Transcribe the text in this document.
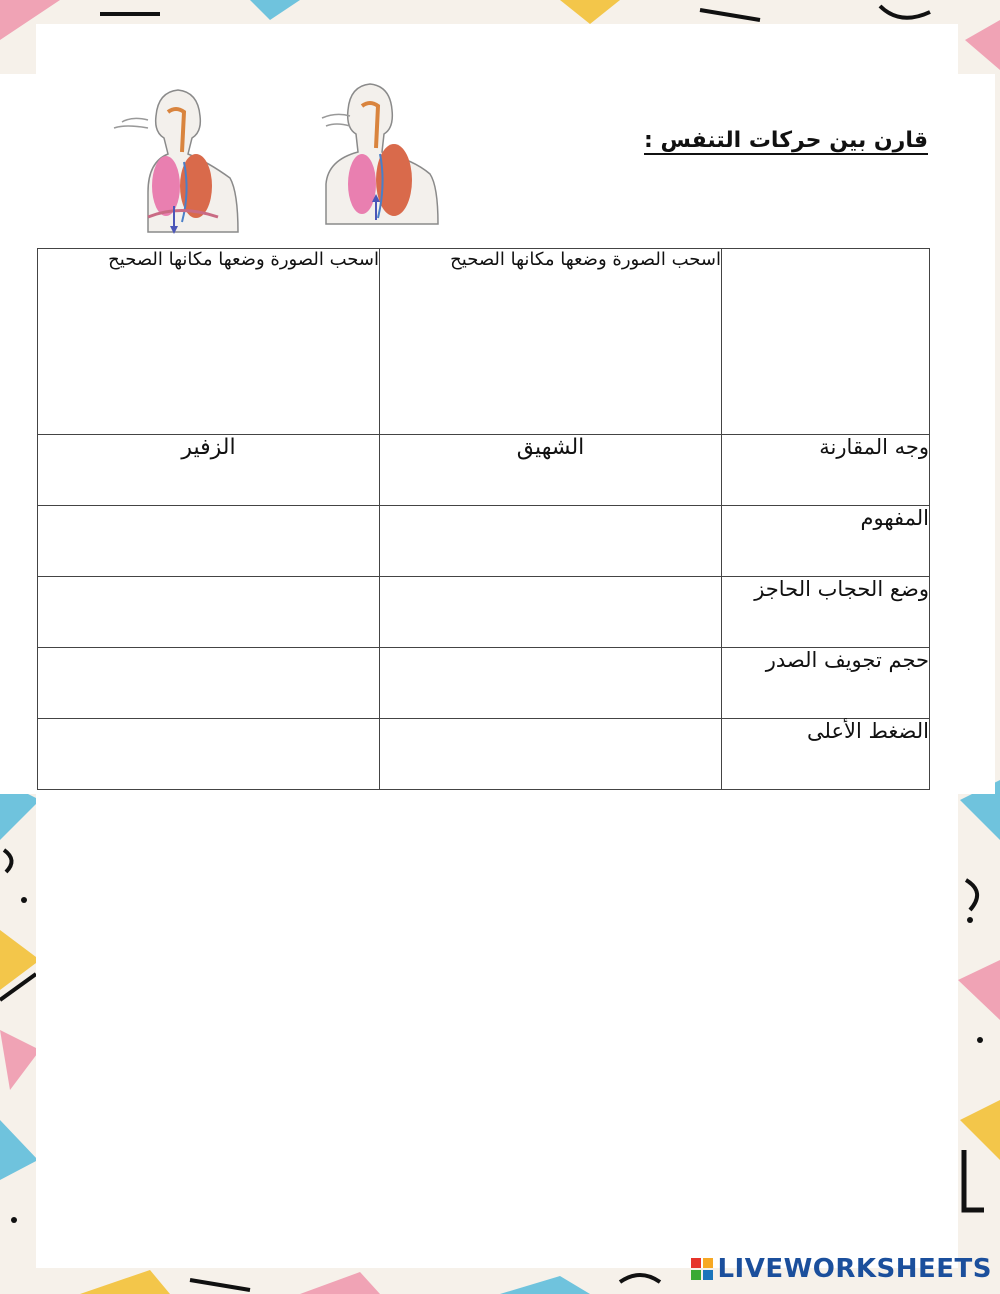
قارن بين حركات التنفس :
	اسحب الصورة وضعها مكانها الصحيح	اسحب الصورة وضعها مكانها الصحيح
وجه المقارنة	الشهيق	الزفير
المفهوم		
وضع الحجاب الحاجز		
حجم تجويف الصدر		
الضغط الأعلى		
LIVEWORKSHEETS
